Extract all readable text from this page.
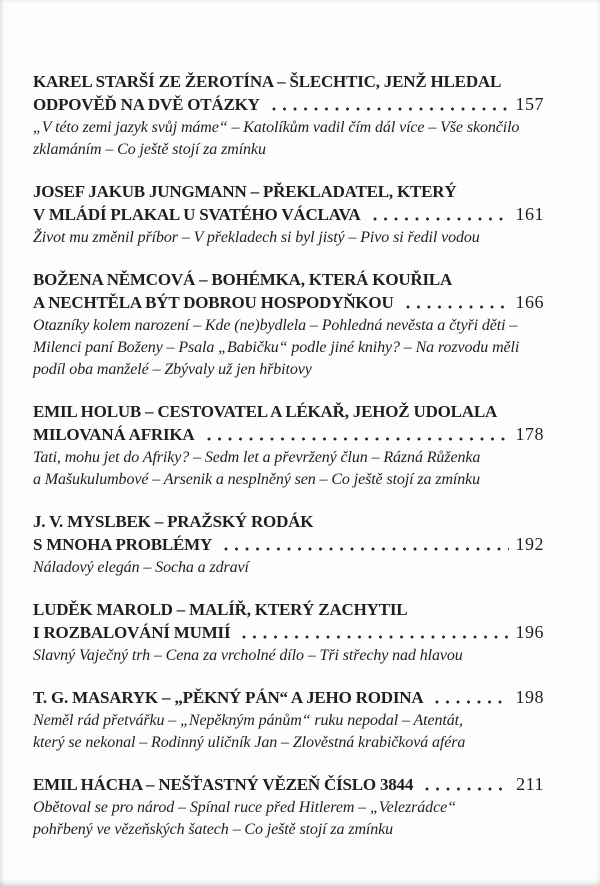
KAREL STARŠÍ ZE ŽEROTÍNA – ŠLECHTIC, JENŽ HLEDAL
ODPOVĚĎ NA DVĚ OTÁZKY	157
„V této zemi jazyk svůj máme“ – Katolíkům vadil čím dál více – Vše skončilo
zklamáním – Co ještě stojí za zmínku
JOSEF JAKUB JUNGMANN – PŘEKLADATEL, KTERÝ
V MLÁDÍ PLAKAL U SVATÉHO VÁCLAVA	161
Život mu změnil příbor – V překladech si byl jistý – Pivo si ředil vodou
BOŽENA NĚMCOVÁ – BOHÉMKA, KTERÁ KOUŘILA
A NECHTĚLA BÝT DOBROU HOSPODYŇKOU	166
Otazníky kolem narození – Kde (ne)bydlela – Pohledná nevěsta a čtyři děti –
Milenci paní Boženy – Psala „Babičku“ podle jiné knihy? – Na rozvodu měli
podíl oba manželé – Zbývaly už jen hřbitovy
EMIL HOLUB – CESTOVATEL A LÉKAŘ, JEHOŽ UDOLALA
MILOVANÁ AFRIKA	178
Tati, mohu jet do Afriky? – Sedm let a převržený člun – Rázná Růženka
a Mašukulumbové – Arsenik a nesplněný sen – Co ještě stojí za zmínku
J. V. MYSLBEK – PRAŽSKÝ RODÁK
S MNOHA PROBLÉMY	192
Náladový elegán – Socha a zdraví
LUDĚK MAROLD – MALÍŘ, KTERÝ ZACHYTIL
I ROZBALOVÁNÍ MUMIÍ	196
Slavný Vaječný trh – Cena za vrcholné dílo – Tři střechy nad hlavou
T. G. MASARYK – „PĚKNÝ PÁN“ A JEHO RODINA	198
Neměl rád přetvářku – „Nepěkným pánům“ ruku nepodal – Atentát,
který se nekonal – Rodinný uličník Jan – Zlověstná krabičková aféra
EMIL HÁCHA – NEŠŤASTNÝ VĚZEŇ ČÍSLO 3844	211
Obětoval se pro národ – Spínal ruce před Hitlerem – „Velezrádce“
pohřbený ve vězeňských šatech – Co ještě stojí za zmínku
